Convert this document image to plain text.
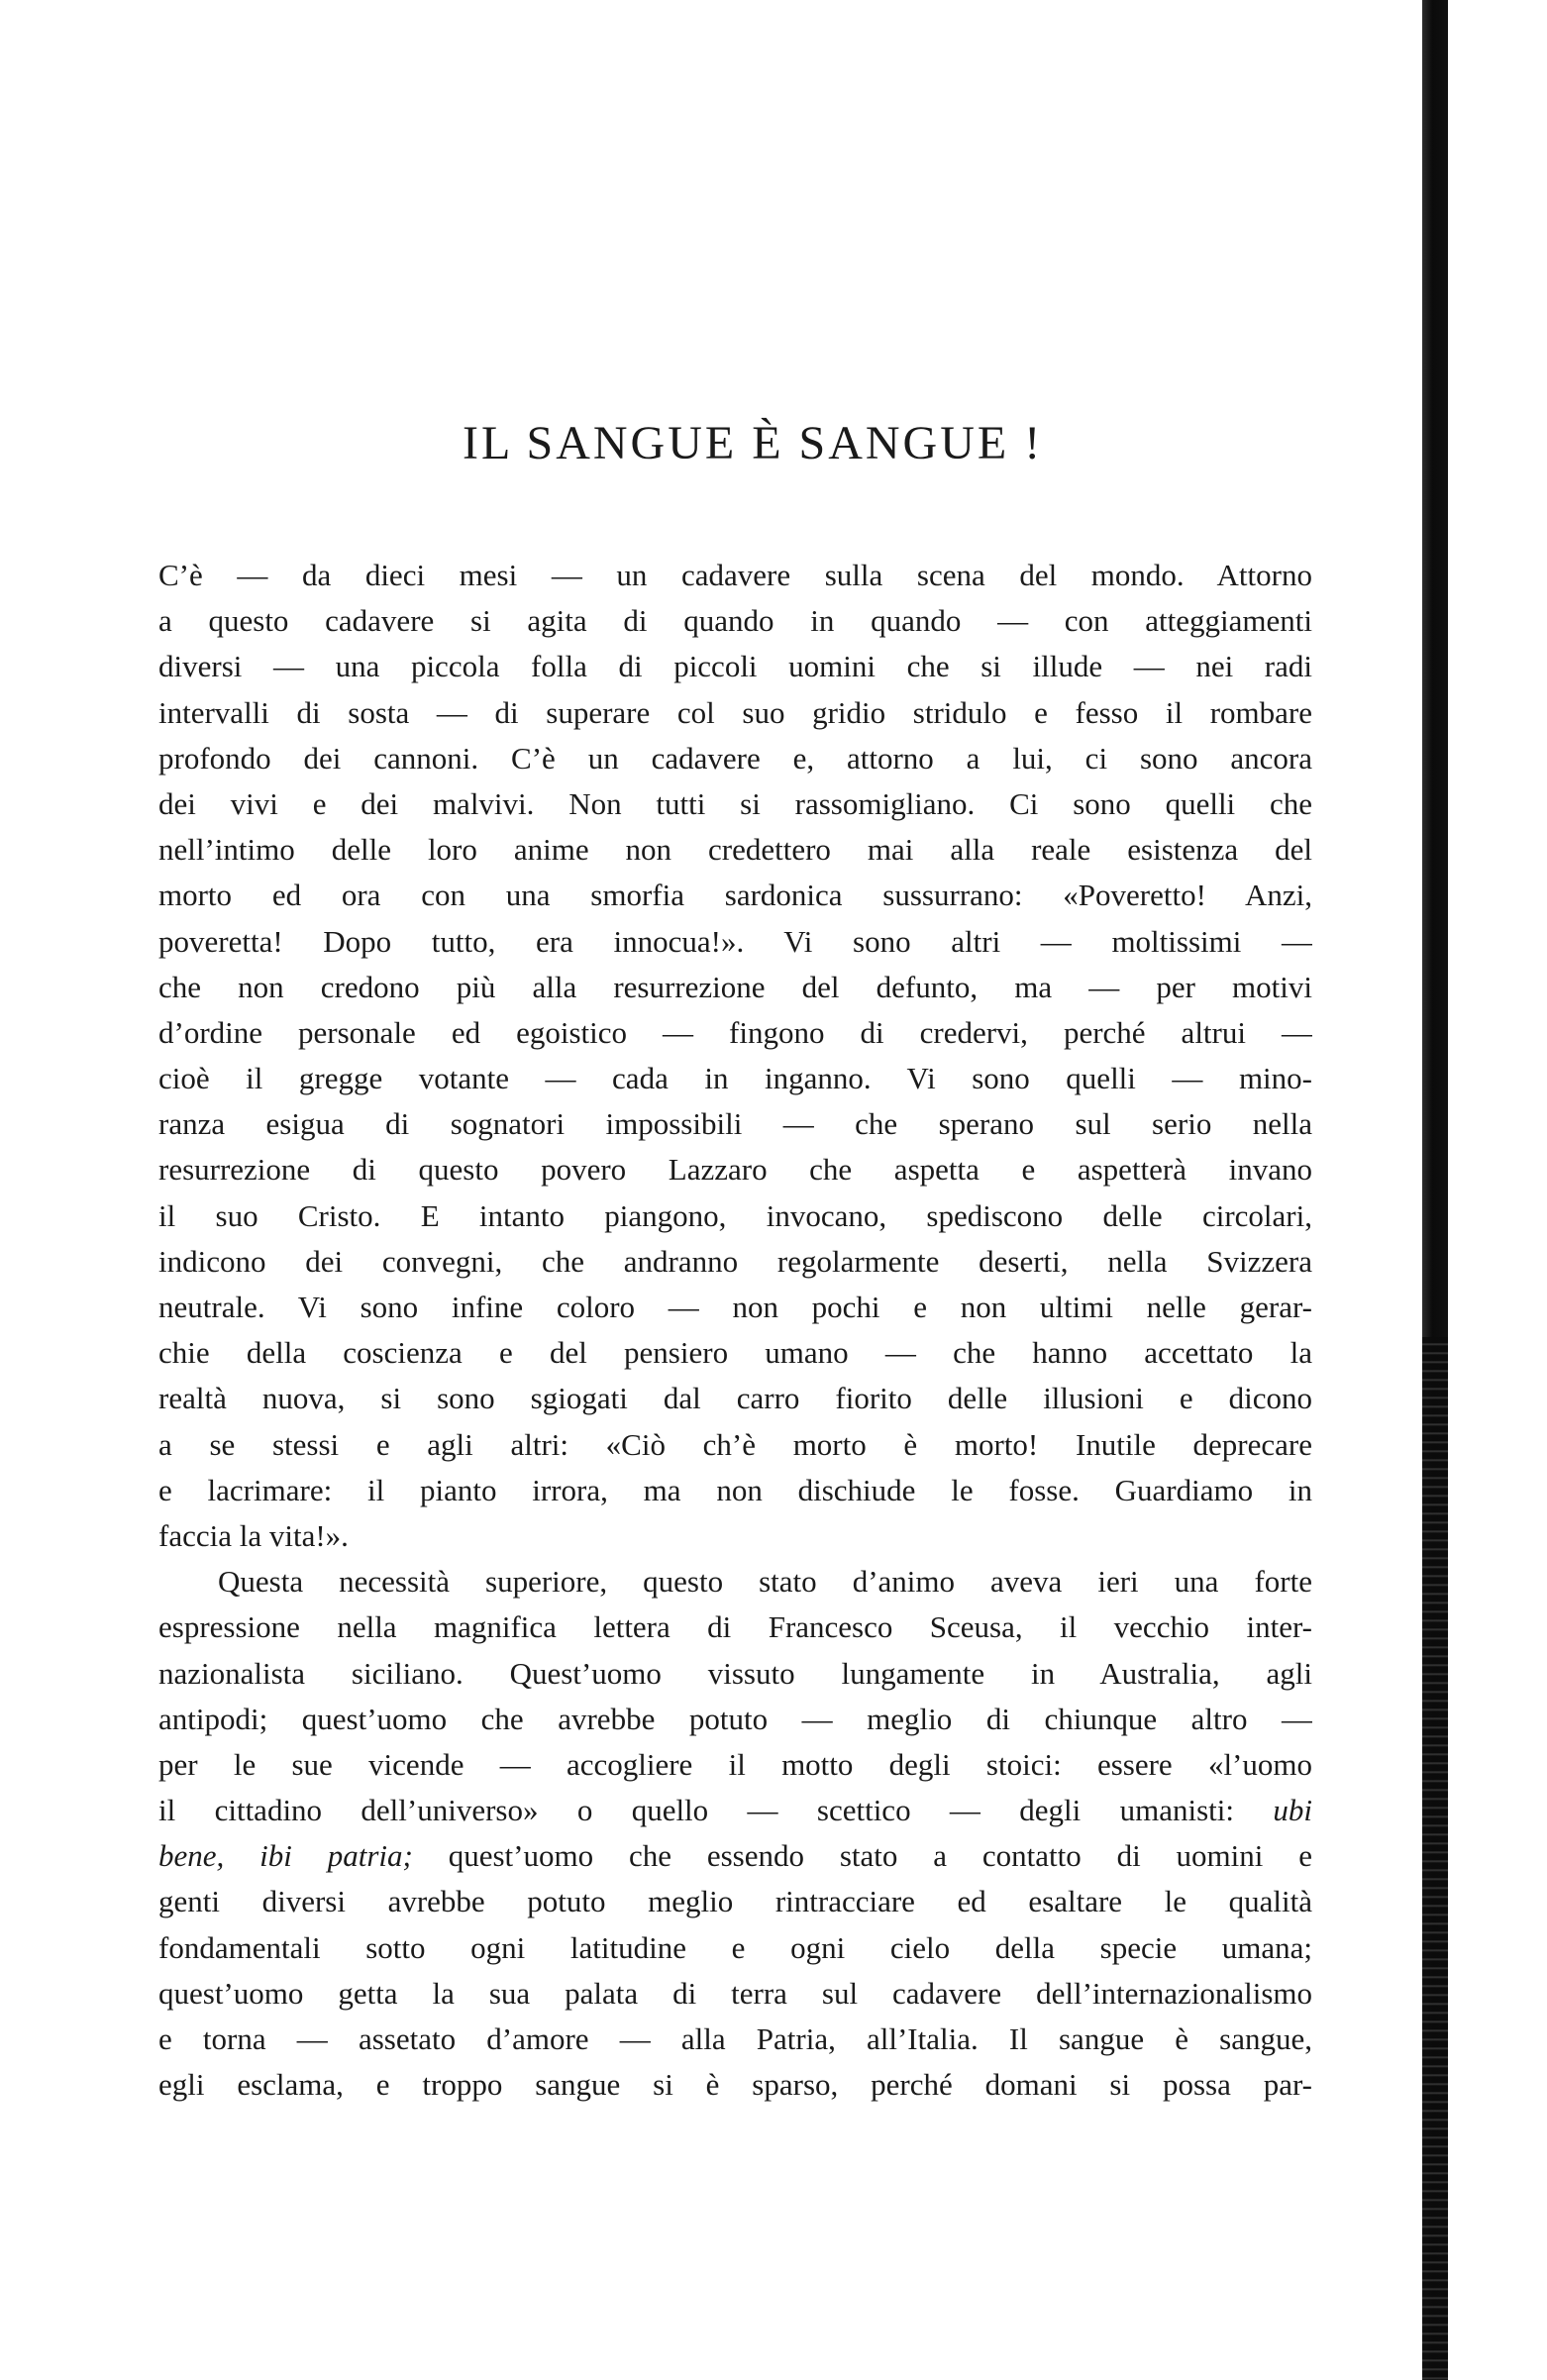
IL SANGUE È SANGUE !
C’è — da dieci mesi — un cadavere sulla scena del mondo. Attorno
a questo cadavere si agita di quando in quando — con atteggiamenti
diversi — una piccola folla di piccoli uomini che si illude — nei radi
intervalli di sosta — di superare col suo gridio stridulo e fesso il rombare
profondo dei cannoni. C’è un cadavere e, attorno a lui, ci sono ancora
dei vivi e dei malvivi. Non tutti si rassomigliano. Ci sono quelli che
nell’intimo delle loro anime non credettero mai alla reale esistenza del
morto ed ora con una smorfia sardonica sussurrano: «Poveretto! Anzi,
poveretta! Dopo tutto, era innocua!». Vi sono altri — moltissimi —
che non credono più alla resurrezione del defunto, ma — per motivi
d’ordine personale ed egoistico — fingono di credervi, perché altrui —
cioè il gregge votante — cada in inganno. Vi sono quelli — mino-
ranza esigua di sognatori impossibili — che sperano sul serio nella
resurrezione di questo povero Lazzaro che aspetta e aspetterà invano
il suo Cristo. E intanto piangono, invocano, spediscono delle circolari,
indicono dei convegni, che andranno regolarmente deserti, nella Svizzera
neutrale. Vi sono infine coloro — non pochi e non ultimi nelle gerar-
chie della coscienza e del pensiero umano — che hanno accettato la
realtà nuova, si sono sgiogati dal carro fiorito delle illusioni e dicono
a se stessi e agli altri: «Ciò ch’è morto è morto! Inutile deprecare
e lacrimare: il pianto irrora, ma non dischiude le fosse. Guardiamo in
faccia la vita!».
Questa necessità superiore, questo stato d’animo aveva ieri una forte
espressione nella magnifica lettera di Francesco Sceusa, il vecchio inter-
nazionalista siciliano. Quest’uomo vissuto lungamente in Australia, agli
antipodi; quest’uomo che avrebbe potuto — meglio di chiunque altro —
per le sue vicende — accogliere il motto degli stoici: essere «l’uomo
il cittadino dell’universo» o quello — scettico — degli umanisti: ubi
bene, ibi patria; quest’uomo che essendo stato a contatto di uomini e
genti diversi avrebbe potuto meglio rintracciare ed esaltare le qualità
fondamentali sotto ogni latitudine e ogni cielo della specie umana;
quest’uomo getta la sua palata di terra sul cadavere dell’internazionalismo
e torna — assetato d’amore — alla Patria, all’Italia. Il sangue è sangue,
egli esclama, e troppo sangue si è sparso, perché domani si possa par-
